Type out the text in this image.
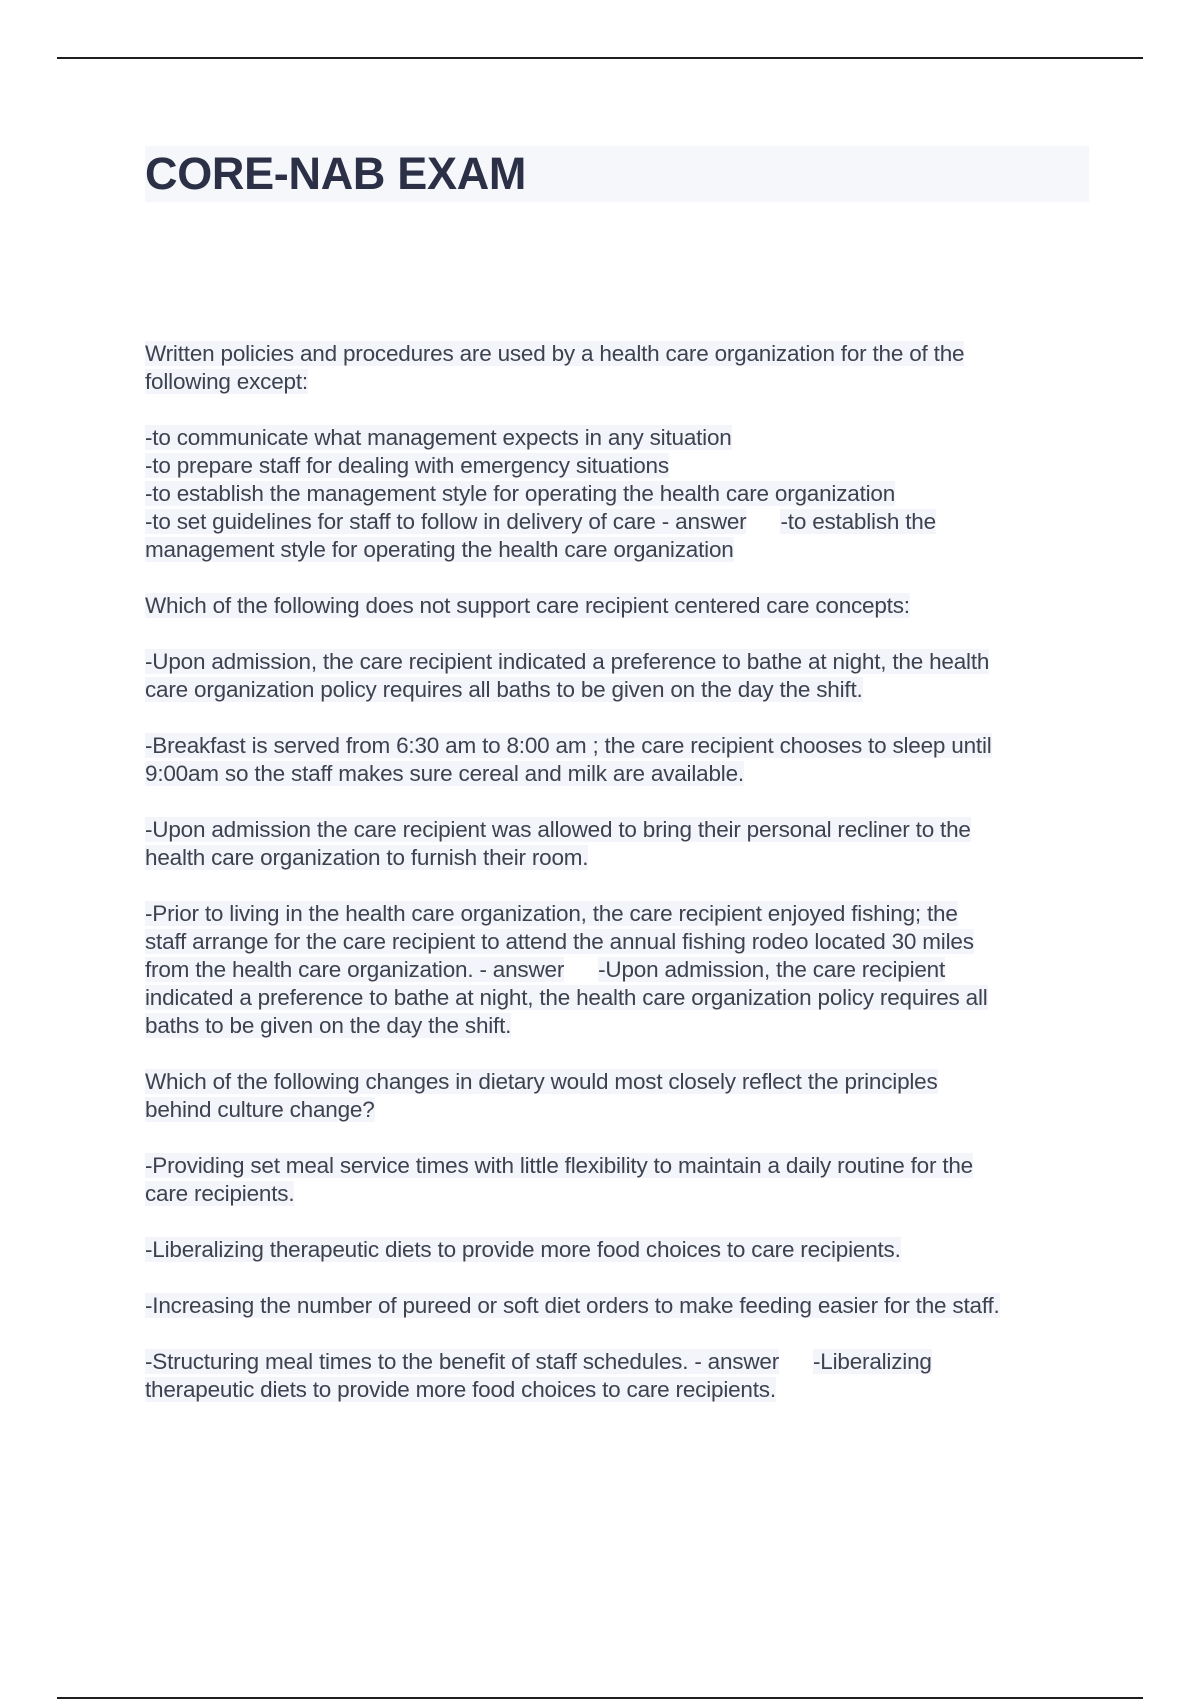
CORE-NAB EXAM
Written policies and procedures are used by a health care organization for the of the
following except:
-to communicate what management expects in any situation
-to prepare staff for dealing with emergency situations
-to establish the management style for operating the health care organization
-to set guidelines for staff to follow in delivery of care - answer -to establish the
management style for operating the health care organization
Which of the following does not support care recipient centered care concepts:
-Upon admission, the care recipient indicated a preference to bathe at night, the health
care organization policy requires all baths to be given on the day the shift.
-Breakfast is served from 6:30 am to 8:00 am ; the care recipient chooses to sleep until
9:00am so the staff makes sure cereal and milk are available.
-Upon admission the care recipient was allowed to bring their personal recliner to the
health care organization to furnish their room.
-Prior to living in the health care organization, the care recipient enjoyed fishing; the
staff arrange for the care recipient to attend the annual fishing rodeo located 30 miles
from the health care organization. - answer -Upon admission, the care recipient
indicated a preference to bathe at night, the health care organization policy requires all
baths to be given on the day the shift.
Which of the following changes in dietary would most closely reflect the principles
behind culture change?
-Providing set meal service times with little flexibility to maintain a daily routine for the
care recipients.
-Liberalizing therapeutic diets to provide more food choices to care recipients.
-Increasing the number of pureed or soft diet orders to make feeding easier for the staff.
-Structuring meal times to the benefit of staff schedules. - answer -Liberalizing
therapeutic diets to provide more food choices to care recipients.
